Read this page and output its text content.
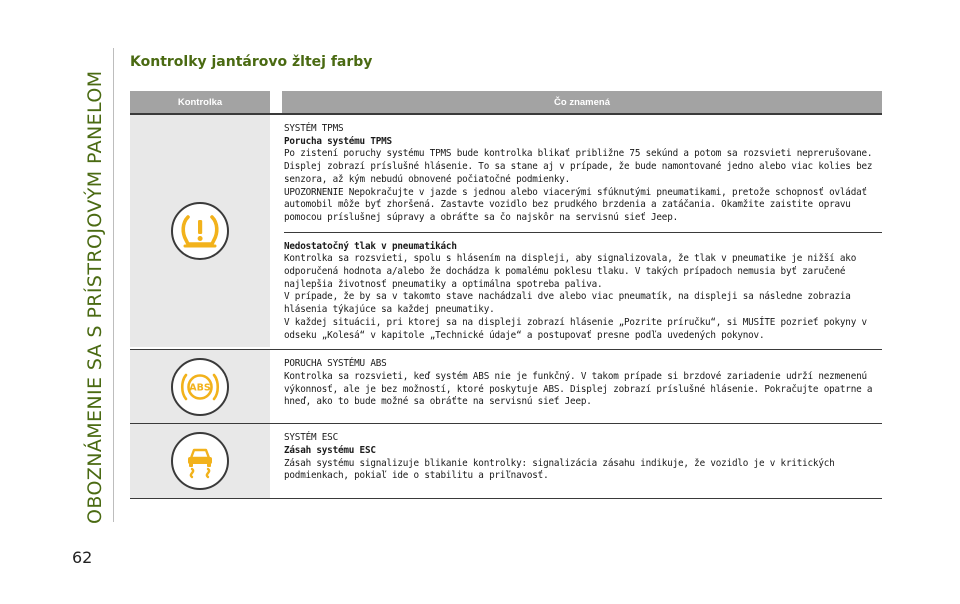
OBOZNÁMENIE SA S PRÍSTROJOVÝM PANELOM
62
Kontrolky jantárovo žltej farby
Kontrolka	Čo znamená

SYSTÉM TPMS

Porucha systému TPMS

Po zistení poruchy systému TPMS bude kontrolka blikať približne 75 sekúnd a potom sa rozsvieti neprerušovane. Displej zobrazí príslušné hlásenie. To sa stane aj v prípade, že bude namontované jedno alebo viac kolies bez senzora, až kým nebudú obnovené počiatočné podmienky.

UPOZORNENIE Nepokračujte v jazde s jednou alebo viacerými sfúknutými pneumatikami, pretože schopnosť ovládať automobil môže byť zhoršená. Zastavte vozidlo bez prudkého brzdenia a zatáčania. Okamžite zaistite opravu pomocou príslušnej súpravy a obráťte sa čo najskôr na servisnú sieť Jeep.

Nedostatočný tlak v pneumatikách

Kontrolka sa rozsvieti, spolu s hlásením na displeji, aby signalizovala, že tlak v pneumatike je nižší ako odporučená hodnota a/alebo že dochádza k pomalému poklesu tlaku. V takých prípadoch nemusia byť zaručené najlepšia životnosť pneumatiky a optimálna spotreba paliva.

V prípade, že by sa v takomto stave nachádzali dve alebo viac pneumatík, na displeji sa následne zobrazia hlásenia týkajúce sa každej pneumatiky.

V každej situácii, pri ktorej sa na displeji zobrazí hlásenie „Pozrite príručku“, si MUSÍTE pozrieť pokyny v odseku „Kolesá“ v kapitole „Technické údaje“ a postupovať presne podľa uvedených pokynov.

ABS

PORUCHA SYSTÉMU ABS

Kontrolka sa rozsvieti, keď systém ABS nie je funkčný. V takom prípade si brzdové zariadenie udrží nezmenenú výkonnosť, ale je bez možností, ktoré poskytuje ABS. Displej zobrazí príslušné hlásenie. Pokračujte opatrne a hneď, ako to bude možné sa obráťte na servisnú sieť Jeep.

SYSTÉM ESC

Zásah systému ESC

Zásah systému signalizuje blikanie kontrolky: signalizácia zásahu indikuje, že vozidlo je v kritických podmienkach, pokiaľ ide o stabilitu a priľnavosť.
